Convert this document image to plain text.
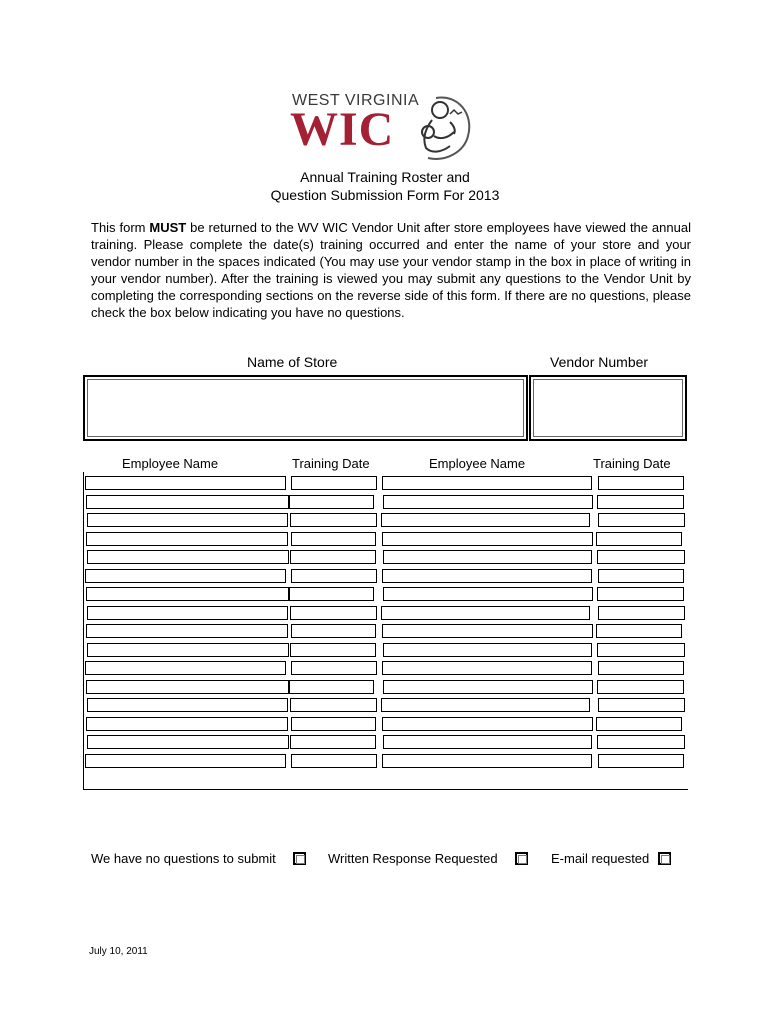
WEST VIRGINIA
WIC
Annual Training Roster and
Question Submission Form For 2013
This form MUST be returned to the WV WIC Vendor Unit after store employees have viewed the annual training. Please complete the date(s) training occurred and enter the name of your store and your vendor number in the spaces indicated (You may use your vendor stamp in the box in place of writing in your vendor number). After the training is viewed you may submit any questions to the Vendor Unit by completing the corresponding sections on the reverse side of this form. If there are no questions, please check the box below indicating you have no questions.
Name of Store	Vendor Number
Employee Name	Training Date	Employee Name	Training Date
We have no questions to submit	Written Response Requested	E-mail requested
July 10, 2011
